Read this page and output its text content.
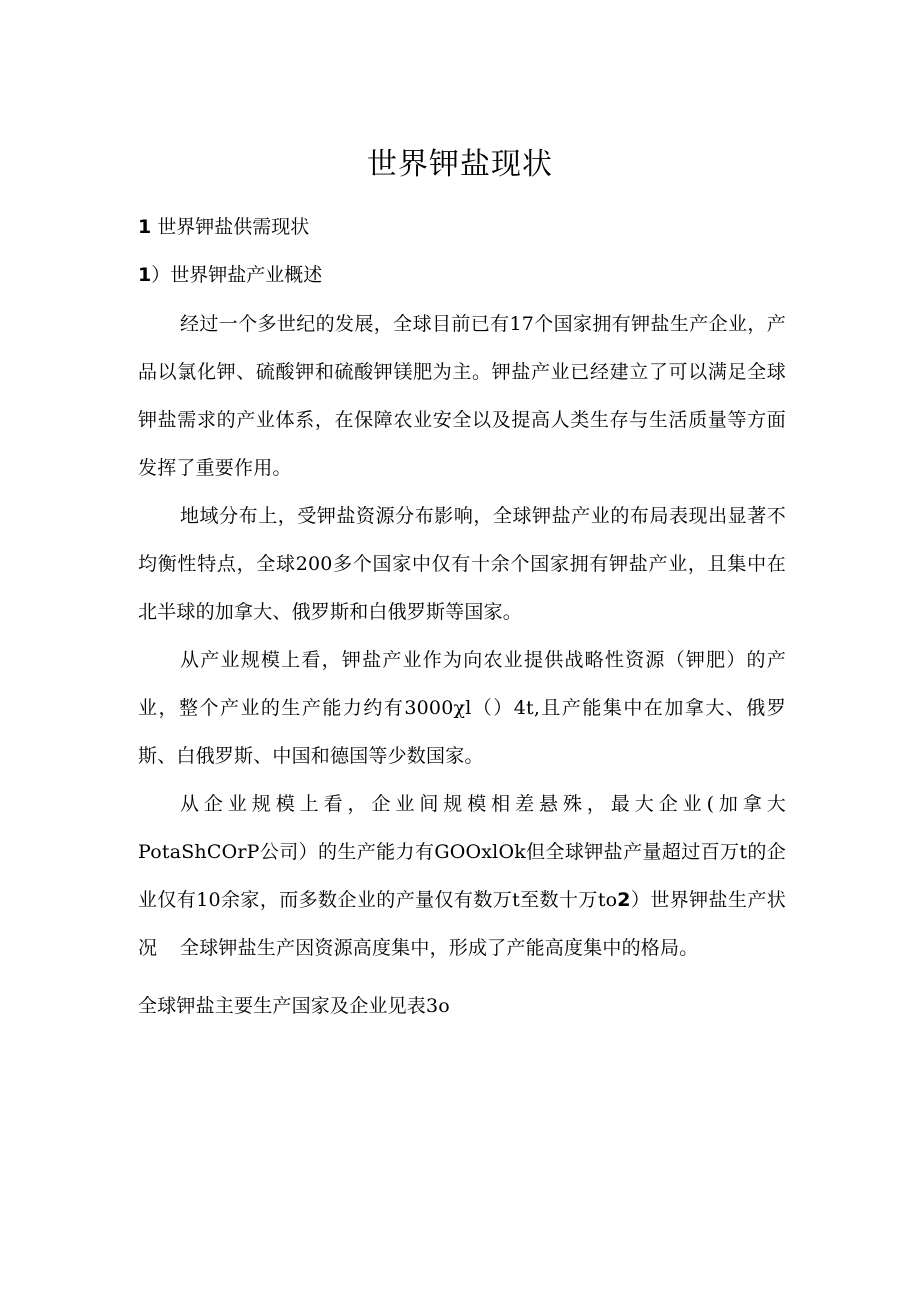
世界钾盐现状
1 世界钾盐供需现状
1）世界钾盐产业概述
经过一个多世纪的发展，全球目前已有17个国家拥有钾盐生产企业，产品以氯化钾、硫酸钾和硫酸钾镁肥为主。钾盐产业已经建立了可以满足全球钾盐需求的产业体系，在保障农业安全以及提高人类生存与生活质量等方面发挥了重要作用。
地域分布上，受钾盐资源分布影响，全球钾盐产业的布局表现出显著不均衡性特点，全球200多个国家中仅有十余个国家拥有钾盐产业，且集中在北半球的加拿大、俄罗斯和白俄罗斯等国家。
从产业规模上看，钾盐产业作为向农业提供战略性资源（钾肥）的产业，整个产业的生产能力约有3000χl（）4t,且产能集中在加拿大、俄罗斯、白俄罗斯、中国和德国等少数国家。
从企业规模上看，企业间规模相差悬殊，最大企业(加拿大PotaShCOrP公司）的生产能力有GOOxlOk但全球钾盐产量超过百万t的企业仅有10余家，而多数企业的产量仅有数万t至数十万to2）世界钾盐生产状况	全球钾盐生产因资源高度集中，形成了产能高度集中的格局。
全球钾盐主要生产国家及企业见表3o
